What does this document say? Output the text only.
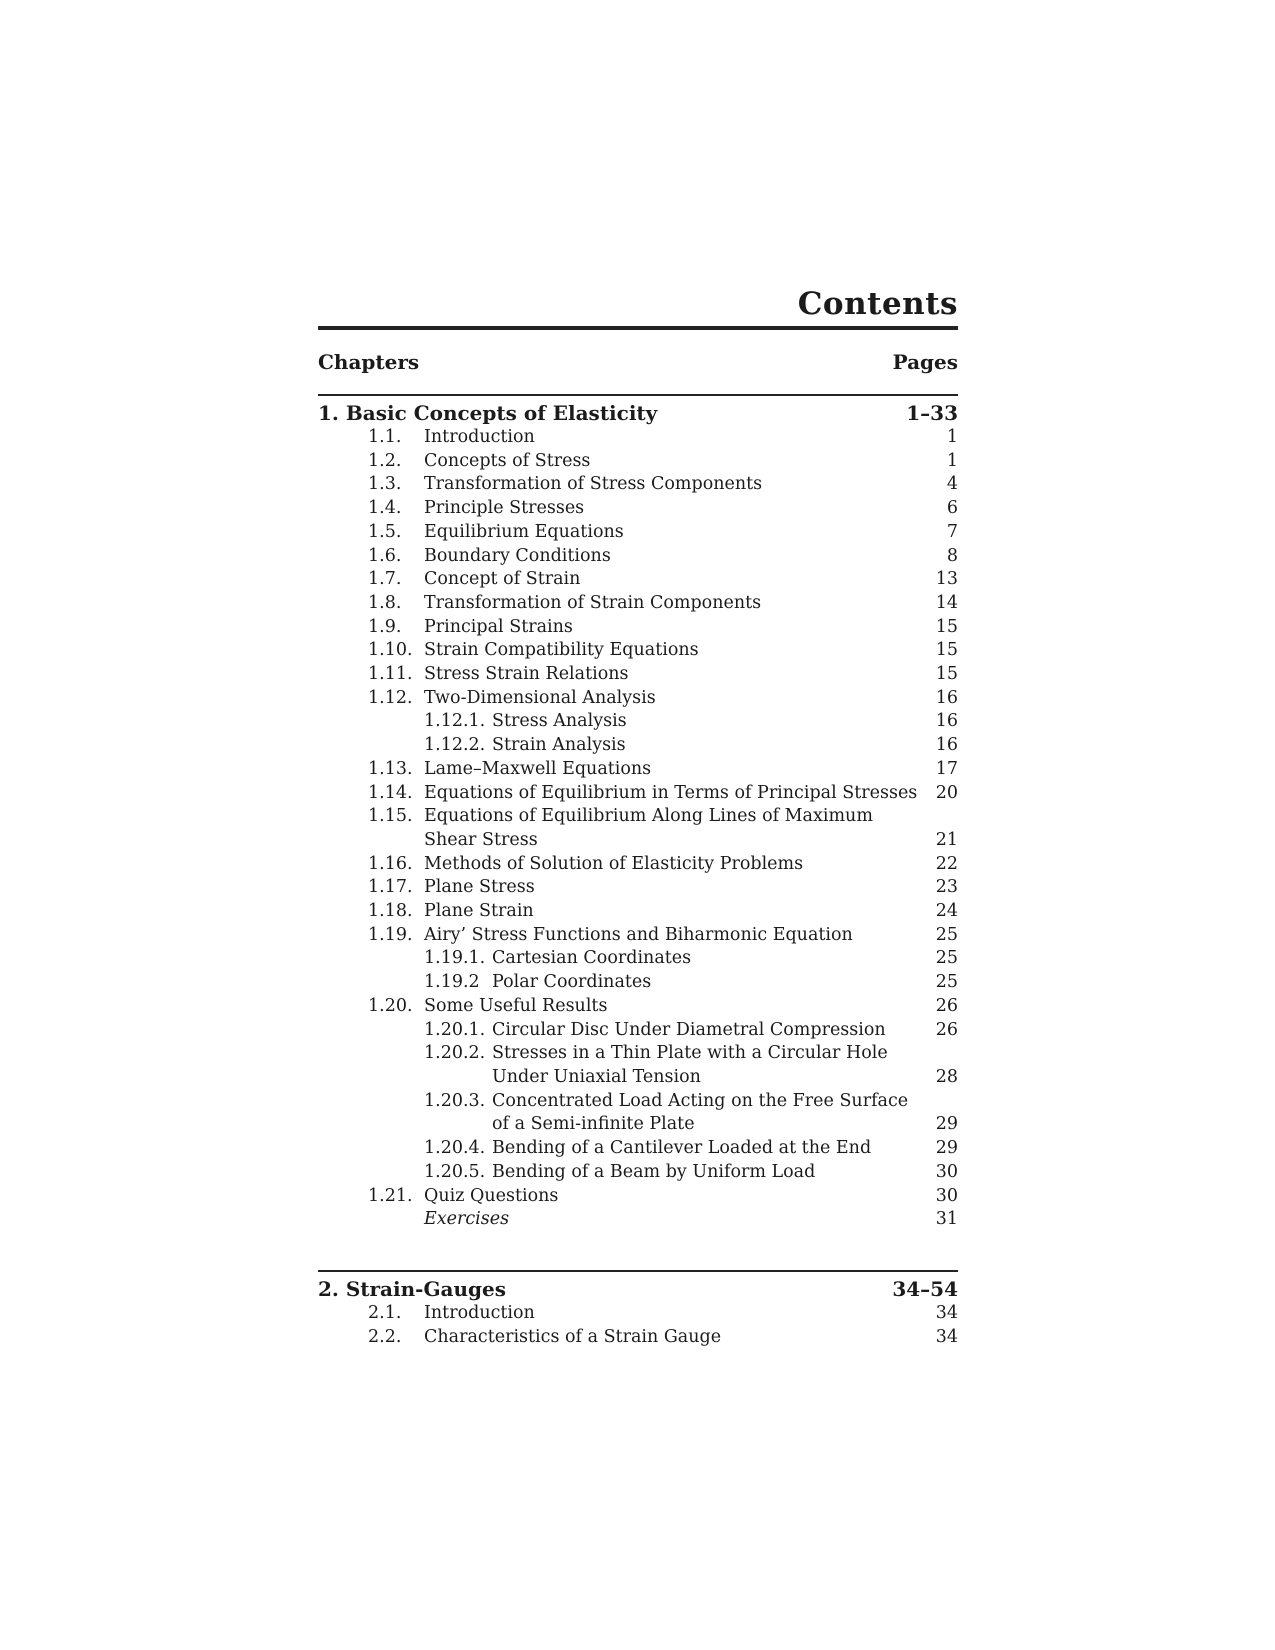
Contents
Chapters	Pages
1. Basic Concepts of Elasticity	1–33
1.1.	Introduction	1
1.2.	Concepts of Stress	1
1.3.	Transformation of Stress Components	4
1.4.	Principle Stresses	6
1.5.	Equilibrium Equations	7
1.6.	Boundary Conditions	8
1.7.	Concept of Strain	13
1.8.	Transformation of Strain Components	14
1.9.	Principal Strains	15
1.10. Strain Compatibility Equations	15
1.11. Stress Strain Relations	15
1.12. Two-Dimensional Analysis	16
1.12.1. Stress Analysis	16
1.12.2. Strain Analysis	16
1.13. Lame–Maxwell Equations	17
1.14. Equations of Equilibrium in Terms of Principal Stresses	20
1.15. Equations of Equilibrium Along Lines of Maximum
Shear Stress	21
1.16. Methods of Solution of Elasticity Problems	22
1.17. Plane Stress	23
1.18. Plane Strain	24
1.19. Airy’ Stress Functions and Biharmonic Equation	25
1.19.1. Cartesian Coordinates	25
1.19.2 Polar Coordinates	25
1.20. Some Useful Results	26
1.20.1. Circular Disc Under Diametral Compression	26
1.20.2. Stresses in a Thin Plate with a Circular Hole
Under Uniaxial Tension	28
1.20.3. Concentrated Load Acting on the Free Surface
of a Semi-infinite Plate	29
1.20.4. Bending of a Cantilever Loaded at the End	29
1.20.5. Bending of a Beam by Uniform Load	30
1.21. Quiz Questions	30
Exercises	31
2. Strain-Gauges	34–54
2.1.	Introduction	34
2.2.	Characteristics of a Strain Gauge	34
